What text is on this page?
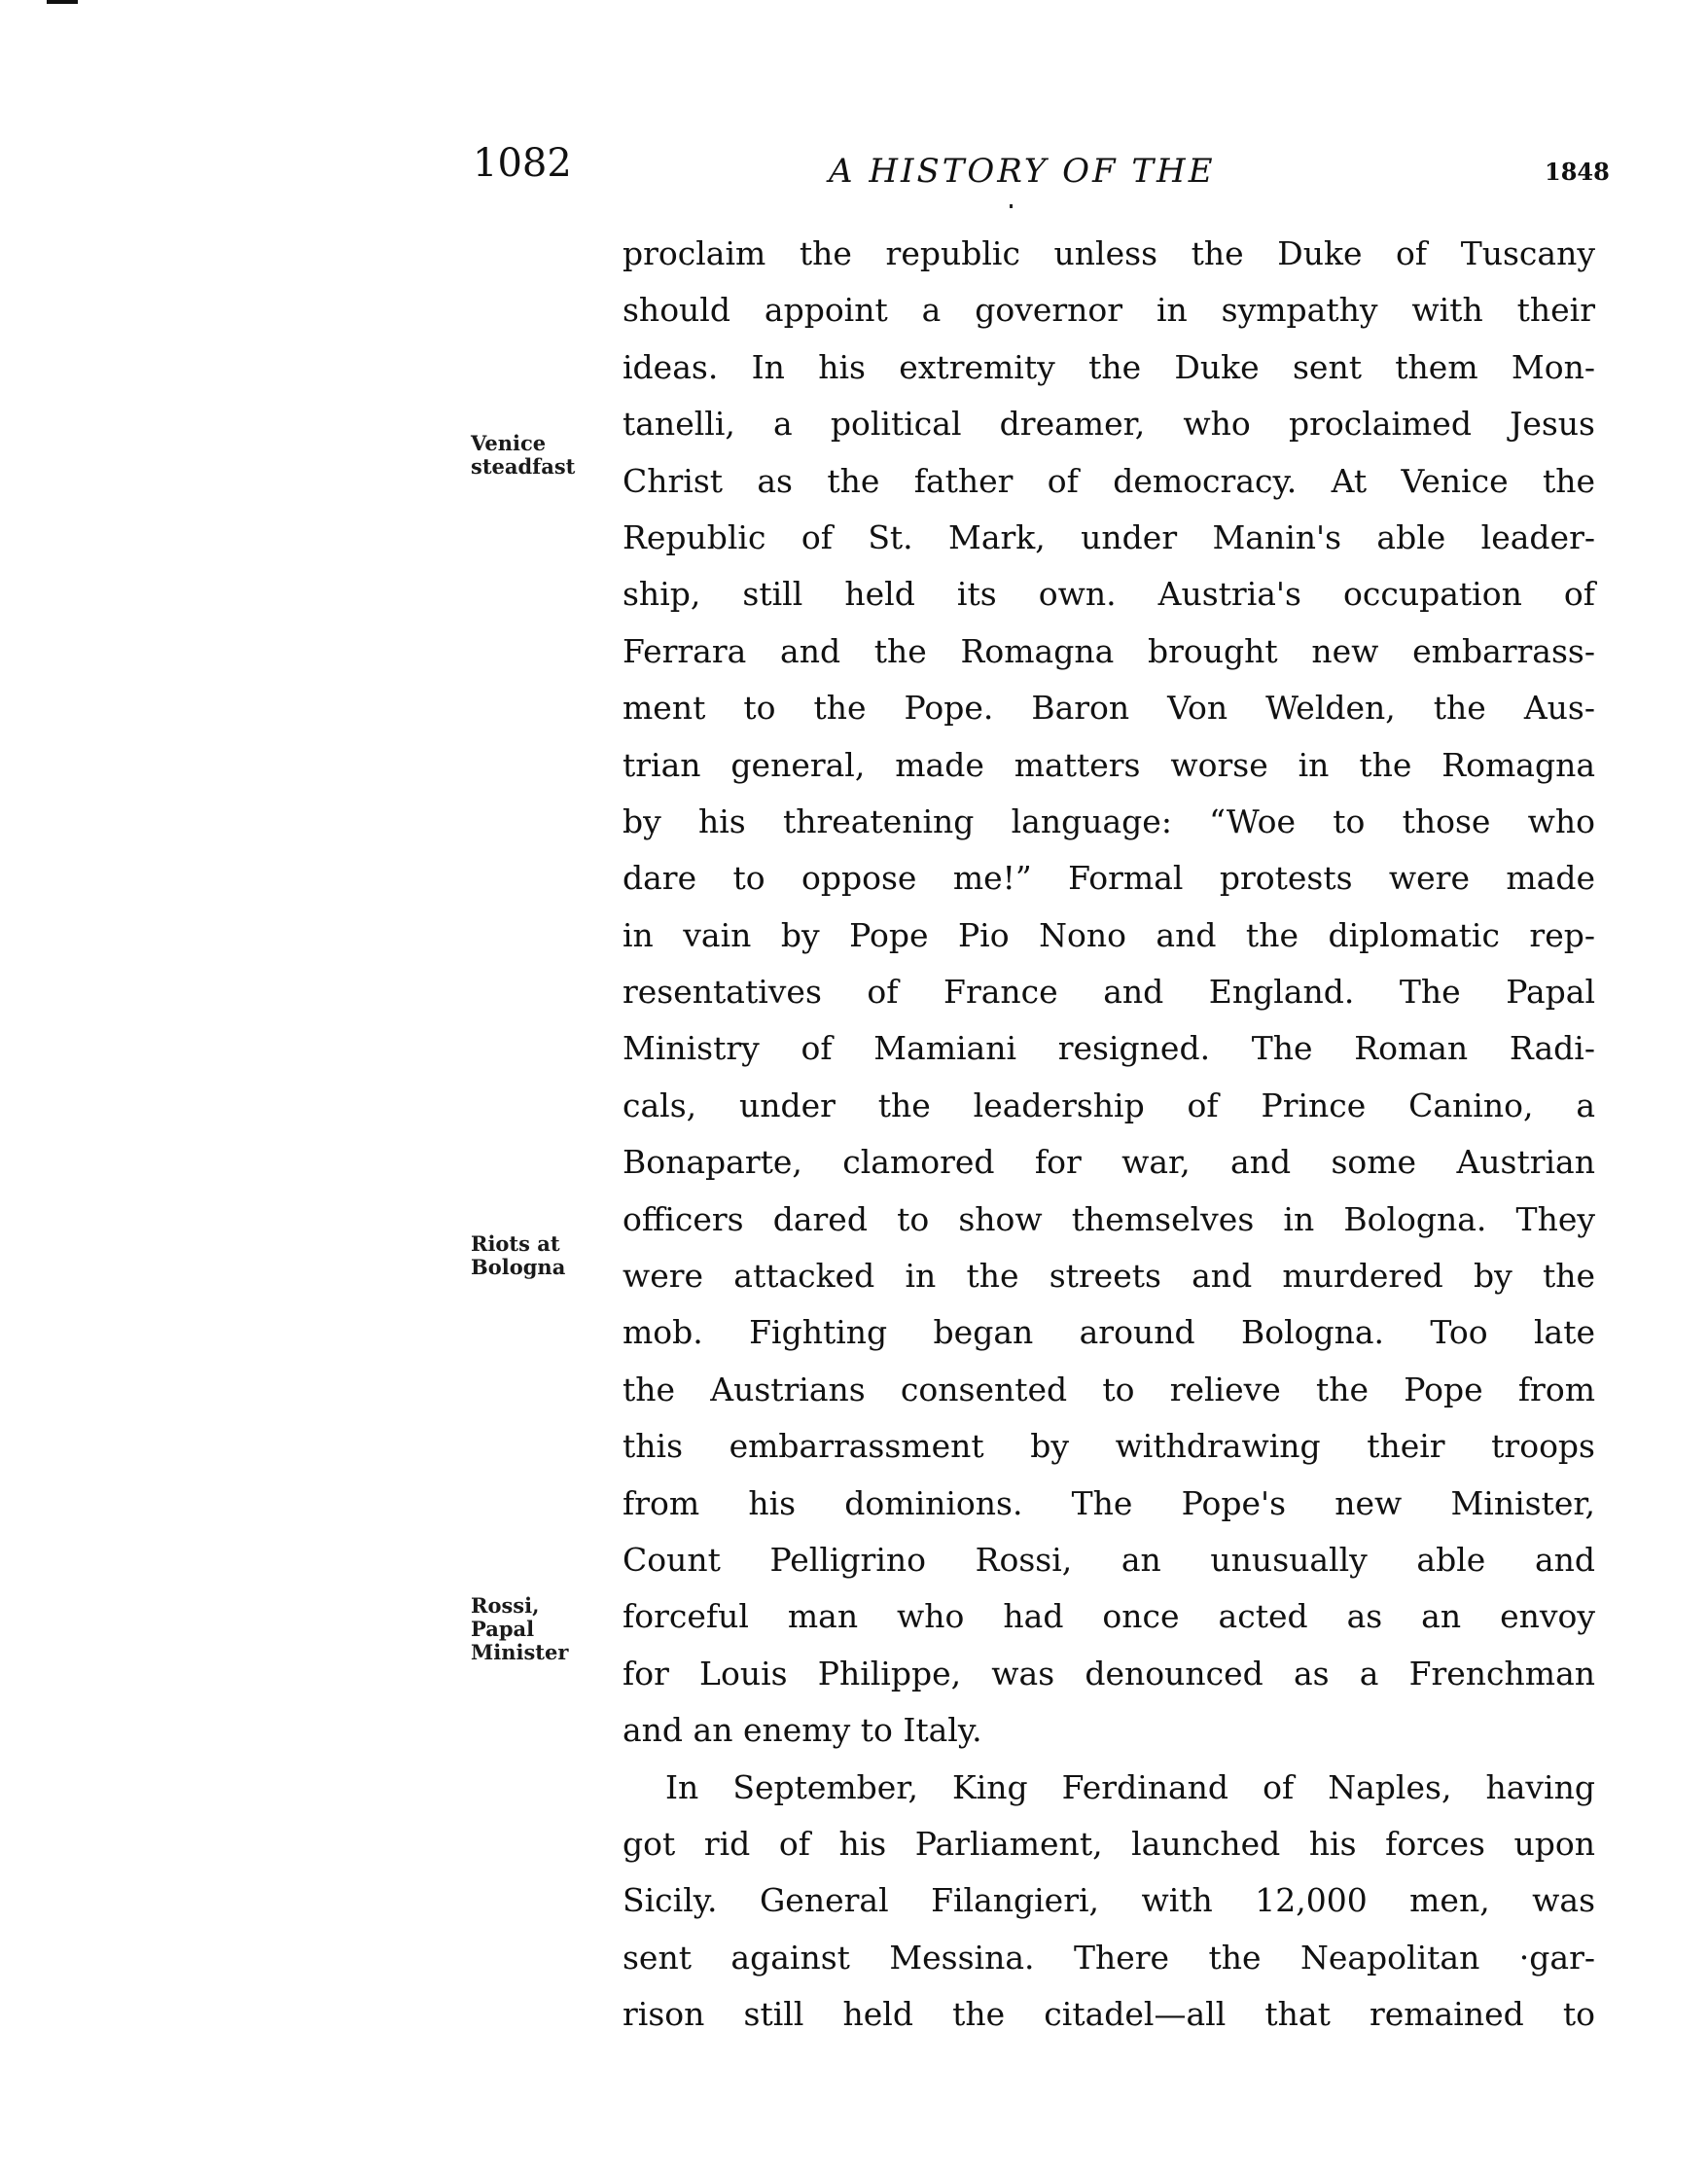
1082	A HISTORY OF THE	1848
Venice
steadfast
Riots at
Bologna
Rossi,
Papal
Minister
proclaim the republic unless the Duke of Tuscany
should appoint a governor in sympathy with their
ideas. In his extremity the Duke sent them Mon-
tanelli, a political dreamer, who proclaimed Jesus
Christ as the father of democracy. At Venice the
Republic of St. Mark, under Manin's able leader-
ship, still held its own. Austria's occupation of
Ferrara and the Romagna brought new embarrass-
ment to the Pope. Baron Von Welden, the Aus-
trian general, made matters worse in the Romagna
by his threatening language: “Woe to those who
dare to oppose me!” Formal protests were made
in vain by Pope Pio Nono and the diplomatic rep-
resentatives of France and England. The Papal
Ministry of Mamiani resigned. The Roman Radi-
cals, under the leadership of Prince Canino, a
Bonaparte, clamored for war, and some Austrian
officers dared to show themselves in Bologna. They
were attacked in the streets and murdered by the
mob. Fighting began around Bologna. Too late
the Austrians consented to relieve the Pope from
this embarrassment by withdrawing their troops
from his dominions. The Pope's new Minister,
Count Pelligrino Rossi, an unusually able and
forceful man who had once acted as an envoy
for Louis Philippe, was denounced as a Frenchman
and an enemy to Italy.
In September, King Ferdinand of Naples, having
got rid of his Parliament, launched his forces upon
Sicily. General Filangieri, with 12,000 men, was
sent against Messina. There the Neapolitan ·gar-
rison still held the citadel—all that remained to
